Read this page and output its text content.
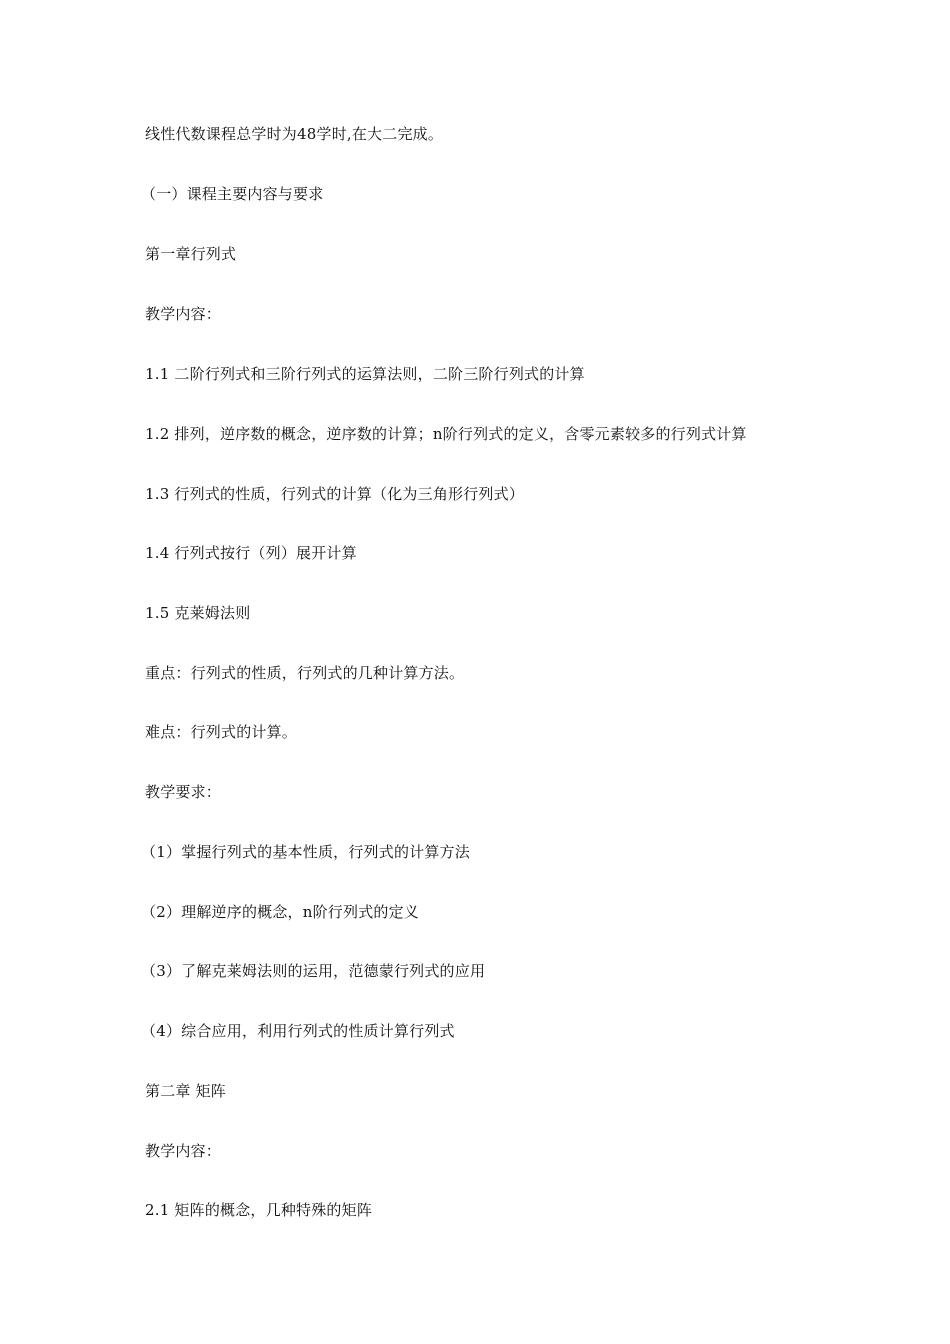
线性代数课程总学时为48学时,在大二完成。
（一）课程主要内容与要求
第一章行列式
教学内容：
1.1 二阶行列式和三阶行列式的运算法则，二阶三阶行列式的计算
1.2 排列，逆序数的概念，逆序数的计算；n阶行列式的定义，含零元素较多的行列式计算
1.3 行列式的性质，行列式的计算（化为三角形行列式）
1.4 行列式按行（列）展开计算
1.5 克莱姆法则
重点：行列式的性质，行列式的几种计算方法。
难点：行列式的计算。
教学要求：
（1）掌握行列式的基本性质，行列式的计算方法
（2）理解逆序的概念，n阶行列式的定义
（3）了解克莱姆法则的运用，范德蒙行列式的应用
（4）综合应用，利用行列式的性质计算行列式
第二章 矩阵
教学内容：
2.1 矩阵的概念，几种特殊的矩阵
